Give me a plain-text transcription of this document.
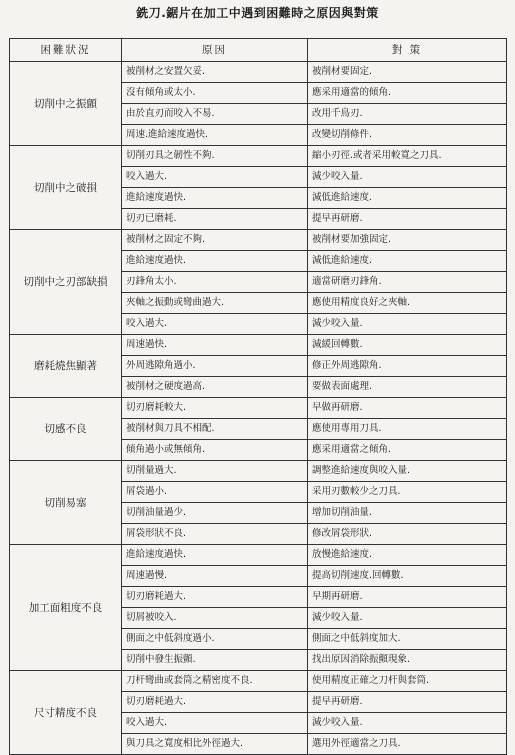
銑刀.鋸片在加工中遇到困難時之原因與對策
困難狀況	原因	對 策
切削中之振顫	被削材之安置欠妥.	被削材要固定.
	沒有傾角或太小.	應采用適當的傾角.
	由於直刃而咬入不易.	改用千鳥刃.
	周速.進給速度過快.	改變切削條件.
切削中之破損	切削刃具之韌性不夠.	縮小刃徑.或者采用較寬之刀具.
	咬入過大.	減少咬入量.
	進給速度過快.	減低進給速度.
	切刃已磨耗.	提早再研磨.
切削中之刃部缺損	被削材之固定不夠.	被削材要加強固定.
	進給速度過快.	減低進給速度.
	刃鋒角太小.	適當研磨刃鋒角.
	夾軸之振動或彎曲過大.	應使用精度良好之夾軸.
	咬入過大.	減少咬入量.
磨耗燒焦顯著	周速過快.	減緩回轉數.
	外周逃隙角過小.	修正外周逃隙角.
	被削材之硬度過高.	要做表面處理.
切感不良	切刃磨耗較大.	早做再研磨.
	被削材與刀具不相配.	應使用專用刀具.
	傾角過小或無傾角.	應采用適當之傾角.
切削易塞	切削量過大.	調整進給速度與咬入量.
	屑袋過小.	采用刃數較少之刀具.
	切削油量過少.	增加切削油量.
	屑袋形狀不良.	修改屑袋形狀.
加工面粗度不良	進給速度過快.	放慢進給速度.
	周速過慢.	提高切削速度.回轉數.
	切刃磨耗過大.	早期再研磨.
	切屑被咬入.	減少咬入量.
	側面之中低斜度過小.	側面之中低斜度加大.
	切削中發生振顫.	找出原因消除振顫現象.
尺寸精度不良	刀杆彎曲或套筒之精密度不良.	使用精度正確之刀杆與套筒.
	切刃磨耗過大.	提早再研磨.
	咬入過大.	減少咬入量.
	與刀具之寬度相比外徑過大.	選用外徑適當之刀具.
